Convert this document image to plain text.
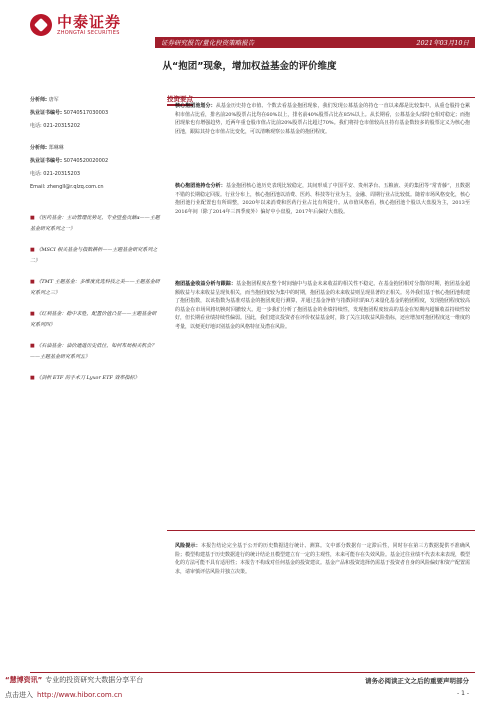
中泰证券
ZHONGTAI SECURITIES
证券研究报告/量化投资策略报告	2021年03月10日
从“抱团”现象，增加权益基金的评价维度
分析师:
唐军
执业证书编号:
S0740517030003
电话:
021-20315202
分析师:
郑琳琳
执业证书编号:
S0740520020002
电话:
021-20315203
Email:
zhenglI@r.qlzq.com.cn
■ 《医药基金：主动管理优势足，专业壁垒贡献α——主题基金研究系列之一》
■ 《MSCI 相关基金与指数耕析——主题基金研究系列之二》
■ 《TMT 主题基金：多维度优选科技之美——主题基金研究系列之三》
■ 《红利基金：稳中求胜，配置价值凸显——主题基金研究系列四》
■ 《石油基金：油价通道历史低位，如何布局相关机会？——主题基金研究系列五》
■ 《剑析 ETF 的手术刀 Lyxor ETF 效率指标》
投资要点
核心抱团池划分：从基金历史持仓市值、个数去看基金抱团现象，我们发现公募基金的持仓一直以来都是比较集中。从重仓股持仓累积市值占比看，排名前20%股票占比均在60%以上，排名前40%股票占比在85%以上。从长期看，公募基金头部持仓相对稳定；而抱团现象也有增强趋势，近两年重仓股市值占比前20%股票占比超过70%。我们将持仓市值较高且持有基金数较多的股票定义为核心抱团池，跟踪其持仓市值占比变化，可以清晰观察公募基金的抱团程度。
核心抱团池持仓分析：基金抱团核心池历史表现比较稳定，其间形成了中国平安、贵州茅台、五粮液、美的集团等“常青藤”，且数据不错的长期稳定回报。行业分布上，核心抱团池以消费、医药、科技等行业为主，金融、周期行业占比较低。随着市场风格变化，核心抱团池行业配置也有所调整，2020年以来消费和医药行业占比有所提升。从市值风格看，核心抱团池个股以大盘股为主，2013至2016年间（除了2014年三四季度外）偏好中小盘股，2017年后偏好大盘股。
抱团基金收益分析与跟踪：基金抱团程度在整个时间轴中与基金未来收益的相关性不稳定。在基金抱团相对分散的时期，抱团基金超额收益与未来收益呈现负相关，而当抱团度较为集中的时期，抱团基金的未来收益则呈现显著的正相关。另外我们基于核心抱团池构建了抱团指数，以该指数为基准对基金的抱团度进行测算，并通过基金净值与指数回归的R方来量化基金的抱团程度，发现抱团程度较高的基金在市场风格切换时回撤较大。进一步我们分析了抱团基金的业绩持续性，发现抱团程度较高的基金在短期内超额收益持续性较好，但长期看业绩持续性偏弱。因此，我们建议投资者在评价权益基金时，除了关注其收益风险指标，还应增加对抱团程度这一维度的考量，以便更好地识别基金的风格特征及潜在风险。
风险提示：本报告结论完全基于公开的历史数据进行统计、测算。文中部分数据有一定滞后性，同时存在第三方数据提供不准确风险；模型构建基于历史数据进行的统计结论且模型建立有一定的主观性，未来可能存在失效风险。基金过往业绩不代表未来表现，模型化的方法可能不具有适用性；本报告不构成对任何基金的投资建议。基金产品和投资选择仍需基于投资者自身的风险偏好和资产配置需求，请审慎评估风险并独立决策。
“慧博资讯” 专业的投资研究大数据分享平台
点击进入 http://www.hibor.com.cn
请务必阅读正文之后的重要声明部分
- 1 -
